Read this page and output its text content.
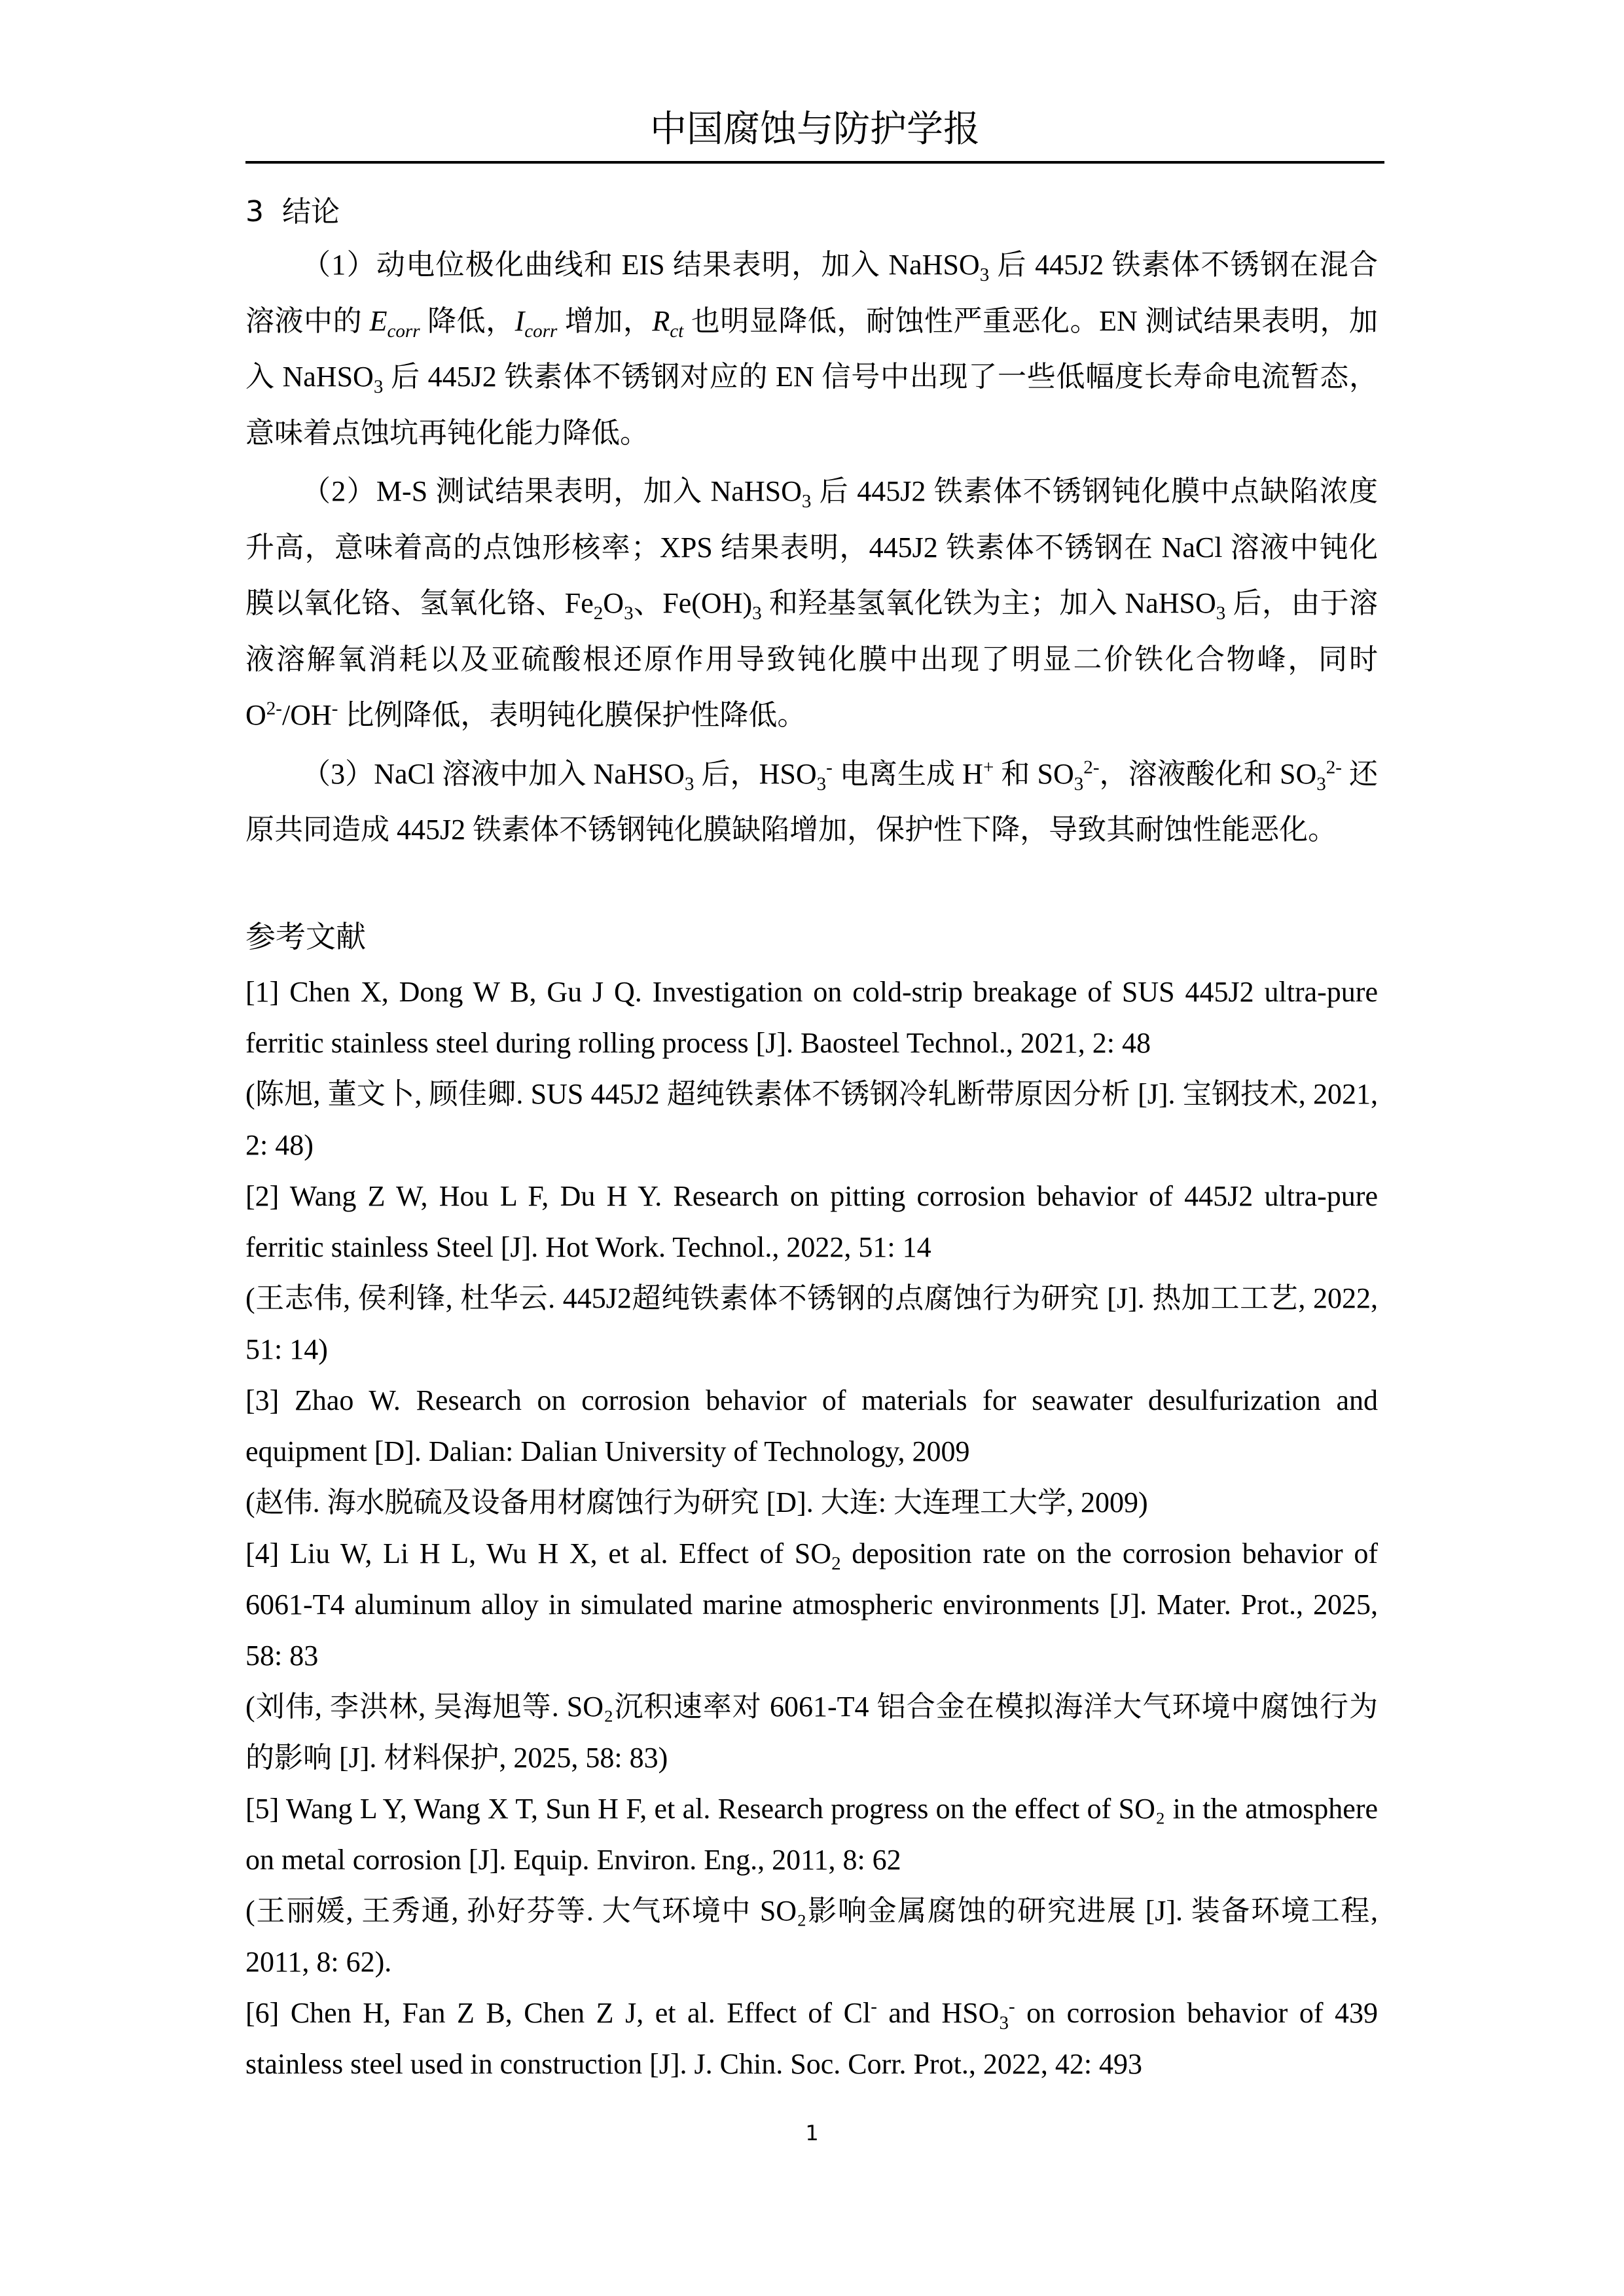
中国腐蚀与防护学报
3 结论

（1）动电位极化曲线和 EIS 结果表明，加入 NaHSO$_3$ 后 445J2 铁素体不锈钢在混合溶液中的 $E_{corr}$ 降低，$I_{corr}$ 增加，$R_{ct}$ 也明显降低，耐蚀性严重恶化。EN 测试结果表明，加入 NaHSO$_3$ 后 445J2 铁素体不锈钢对应的 EN 信号中出现了一些低幅度长寿命电流暂态，意味着点蚀坑再钝化能力降低。

（2）M-S 测试结果表明，加入 NaHSO$_3$ 后 445J2 铁素体不锈钢钝化膜中点缺陷浓度升高，意味着高的点蚀形核率；XPS 结果表明，445J2 铁素体不锈钢在 NaCl 溶液中钝化膜以氧化铬、氢氧化铬、$Fe_2O_3$、$Fe(OH)_3$ 和羟基氢氧化铁为主；加入 NaHSO$_3$ 后，由于溶液溶解氧消耗以及亚硫酸根还原作用导致钝化膜中出现了明显二价铁化合物峰，同时 $O^{2-}/OH^-$ 比例降低，表明钝化膜保护性降低。

（3）NaCl 溶液中加入 NaHSO$_3$ 后，$HSO_3^-$ 电离生成 H+ 和 $SO_3^{2-}$，溶液酸化和 $SO_3^{2-}$ 还原共同造成 445J2 铁素体不锈钢钝化膜缺陷增加，保护性下降，导致其耐蚀性能恶化。

参考文献

[1] Chen X, Dong W B, Gu J Q. Investigation on cold-strip breakage of SUS 445J2 ultra-pure ferritic stainless steel during rolling process [J]. Baosteel Technol., 2021, 2: 48

(陈旭, 董文卜, 顾佳卿. SUS 445J2 超纯铁素体不锈钢冷轧断带原因分析 [J]. 宝钢技术, 2021, 2: 48)

[2] Wang Z W, Hou L F, Du H Y. Research on pitting corrosion behavior of 445J2 ultra-pure ferritic stainless Steel [J]. Hot Work. Technol., 2022, 51: 14

(王志伟, 侯利锋, 杜华云. 445J2超纯铁素体不锈钢的点腐蚀行为研究 [J]. 热加工工艺, 2022, 51: 14)

[3] Zhao W. Research on corrosion behavior of materials for seawater desulfurization and equipment [D]. Dalian: Dalian University of Technology, 2009

(赵伟. 海水脱硫及设备用材腐蚀行为研究 [D]. 大连: 大连理工大学, 2009)

[4] Liu W, Li H L, Wu H X, et al. Effect of $SO_2$ deposition rate on the corrosion behavior of 6061-T4 aluminum alloy in simulated marine atmospheric environments [J]. Mater. Prot., 2025, 58: 83

(刘伟, 李洪林, 吴海旭等. SO₂沉积速率对 6061-T4 铝合金在模拟海洋大气环境中腐蚀行为的影响 [J]. 材料保护, 2025, 58: 83)

[5] Wang L Y, Wang X T, Sun H F, et al. Research progress on the effect of SO₂ in the atmosphere on metal corrosion [J]. Equip. Environ. Eng., 2011, 8: 62

(王丽媛, 王秀通, 孙好芬等. 大气环境中 SO₂影响金属腐蚀的研究进展 [J]. 装备环境工程, 2011, 8: 62).

[6] Chen H, Fan Z B, Chen Z J, et al. Effect of Cl- and $HSO_3^-$ on corrosion behavior of 439 stainless steel used in construction [J]. J. Chin. Soc. Corr. Prot., 2022, 42: 493

1
